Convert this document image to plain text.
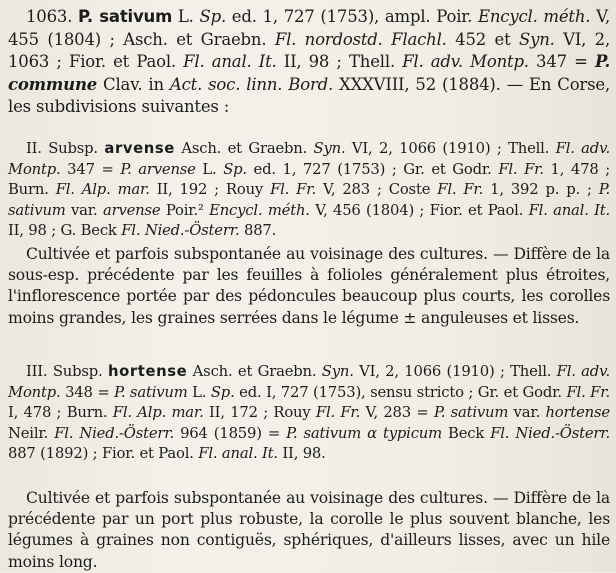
1063. P. sativum L. Sp. ed. 1, 727 (1753), ampl. Poir. Encycl. méth. V, 455 (1804) ; Asch. et Graebn. Fl. nordostd. Flachl. 452 et Syn. VI, 2, 1063 ; Fior. et Paol. Fl. anal. It. II, 98 ; Thell. Fl. adv. Montp. 347 = P. commune Clav. in Act. soc. linn. Bord. XXXVIII, 52 (1884). — En Corse, les subdivisions suivantes :

II. Subsp. arvense Asch. et Graebn. Syn. VI, 2, 1066 (1910) ; Thell. Fl. adv. Montp. 347 = P. arvense L. Sp. ed. 1, 727 (1753) ; Gr. et Godr. Fl. Fr. 1, 478 ; Burn. Fl. Alp. mar. II, 192 ; Rouy Fl. Fr. V, 283 ; Coste Fl. Fr. 1, 392 p. p. ; P. sativum var. arvense Poir.² Encycl. méth. V, 456 (1804) ; Fior. et Paol. Fl. anal. It. II, 98 ; G. Beck Fl. Nied.-Österr. 887.

Cultivée et parfois subspontanée au voisinage des cultures. — Diffère de la sous-esp. précédente par les feuilles à folioles généralement plus étroites, l'inflorescence portée par des pédoncules beaucoup plus courts, les corolles moins grandes, les graines serrées dans le légume ± anguleuses et lisses.

III. Subsp. hortense Asch. et Graebn. Syn. VI, 2, 1066 (1910) ; Thell. Fl. adv. Montp. 348 = P. sativum L. Sp. ed. I, 727 (1753), sensu stricto ; Gr. et Godr. Fl. Fr. I, 478 ; Burn. Fl. Alp. mar. II, 172 ; Rouy Fl. Fr. V, 283 = P. sativum var. hortense Neilr. Fl. Nied.-Österr. 964 (1859) = P. sativum α typicum Beck Fl. Nied.-Österr. 887 (1892) ; Fior. et Paol. Fl. anal. It. II, 98.

Cultivée et parfois subspontanée au voisinage des cultures. — Diffère de la précédente par un port plus robuste, la corolle le plus souvent blanche, les légumes à graines non contiguës, sphériques, d'ailleurs lisses, avec un hile moins long.
